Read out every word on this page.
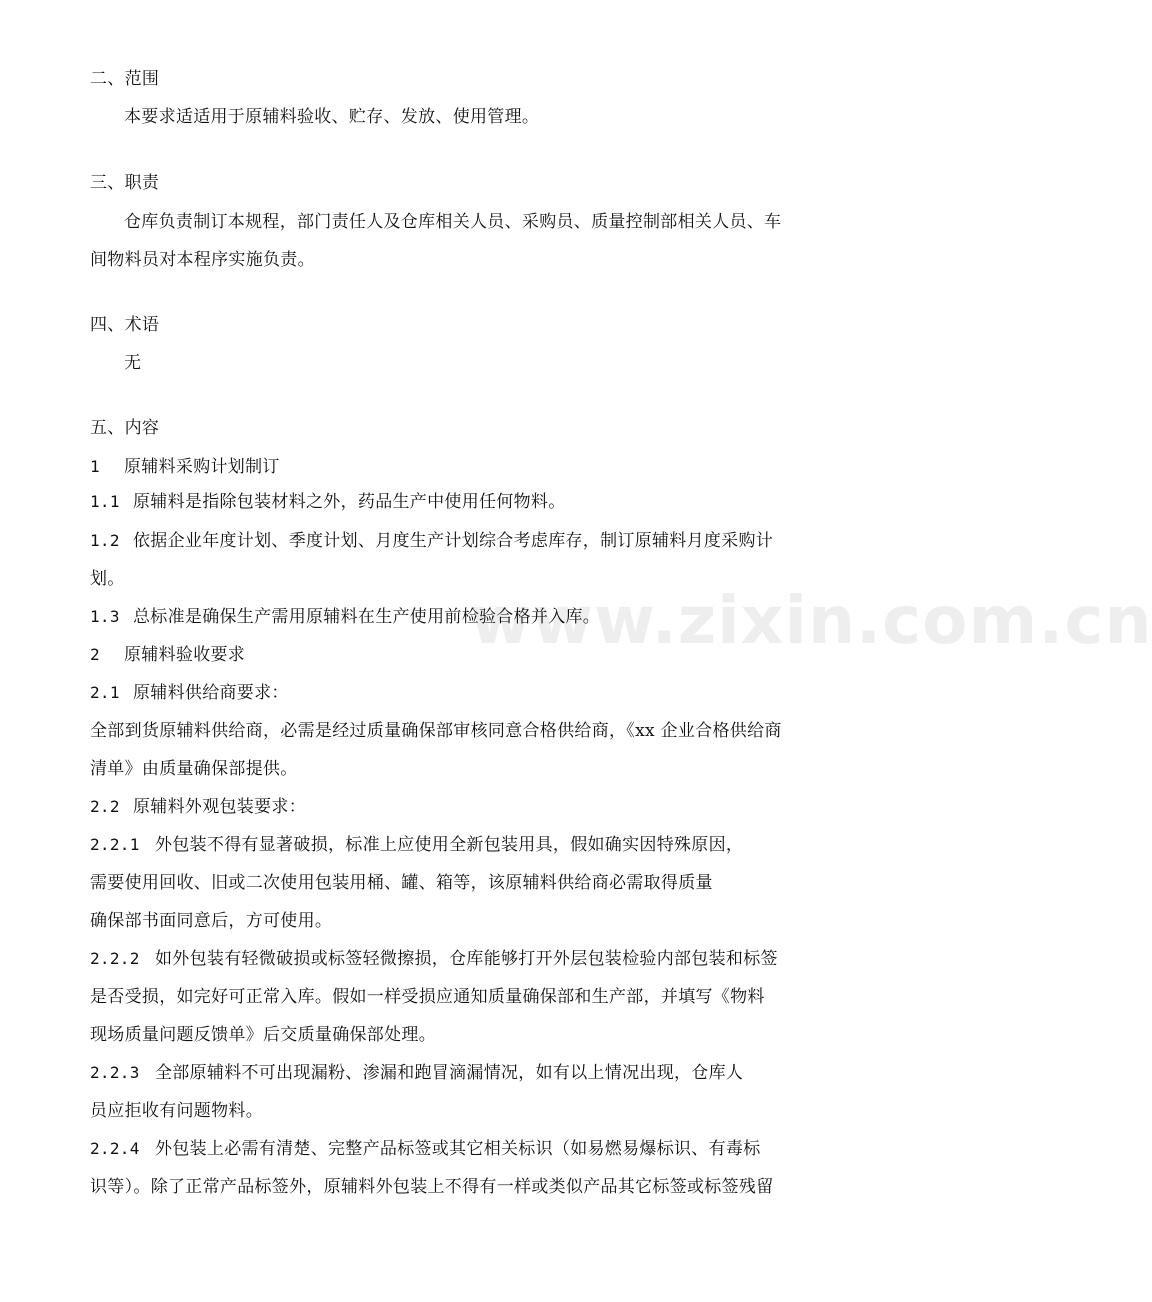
www.zixin.com.cn
二、范围
本要求适适用于原辅料验收、贮存、发放、使用管理。
三、职责
仓库负责制订本规程，部门责任人及仓库相关人员、采购员、质量控制部相关人员、车
间物料员对本程序实施负责。
四、术语
无
五、内容
1 原辅料采购计划制订
1.1 原辅料是指除包装材料之外，药品生产中使用任何物料。
1.2 依据企业年度计划、季度计划、月度生产计划综合考虑库存，制订原辅料月度采购计
划。
1.3 总标准是确保生产需用原辅料在生产使用前检验合格并入库。
2 原辅料验收要求
2.1 原辅料供给商要求：
全部到货原辅料供给商，必需是经过质量确保部审核同意合格供给商，《xx 企业合格供给商
清单》由质量确保部提供。
2.2 原辅料外观包装要求：
2.2.1 外包装不得有显著破损，标准上应使用全新包装用具，假如确实因特殊原因，
需要使用回收、旧或二次使用包装用桶、罐、箱等，该原辅料供给商必需取得质量
确保部书面同意后，方可使用。
2.2.2 如外包装有轻微破损或标签轻微擦损，仓库能够打开外层包装检验内部包装和标签
是否受损，如完好可正常入库。假如一样受损应通知质量确保部和生产部，并填写《物料
现场质量问题反馈单》后交质量确保部处理。
2.2.3 全部原辅料不可出现漏粉、渗漏和跑冒滴漏情况，如有以上情况出现，仓库人
员应拒收有问题物料。
2.2.4 外包装上必需有清楚、完整产品标签或其它相关标识（如易燃易爆标识、有毒标
识等）。除了正常产品标签外，原辅料外包装上不得有一样或类似产品其它标签或标签残留
